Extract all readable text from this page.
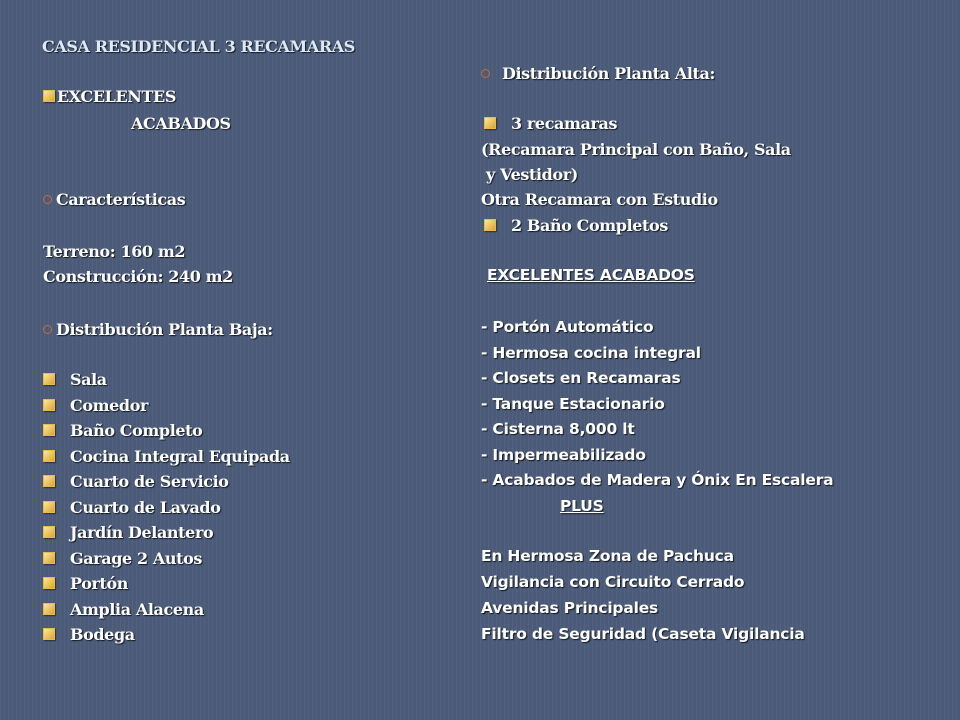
CASA RESIDENCIAL 3 RECAMARAS
EXCELENTES
ACABADOS
Características
Terreno: 160 m2
Construcción: 240 m2
Distribución Planta Baja:
Sala
Comedor
Baño Completo
Cocina Integral Equipada
Cuarto de Servicio
Cuarto de Lavado
Jardín Delantero
Garage 2 Autos
Portón
Amplia Alacena
Bodega
Distribución Planta Alta:
3 recamaras
(Recamara Principal con Baño, Sala
y Vestidor)
Otra Recamara con Estudio
2 Baño Completos
EXCELENTES ACABADOS
- Portón Automático
- Hermosa cocina integral
- Closets en Recamaras
- Tanque Estacionario
- Cisterna 8,000 lt
- Impermeabilizado
- Acabados de Madera y Ónix En Escalera
PLUS
En Hermosa Zona de Pachuca
Vigilancia con Circuito Cerrado
Avenidas Principales
Filtro de Seguridad (Caseta Vigilancia
